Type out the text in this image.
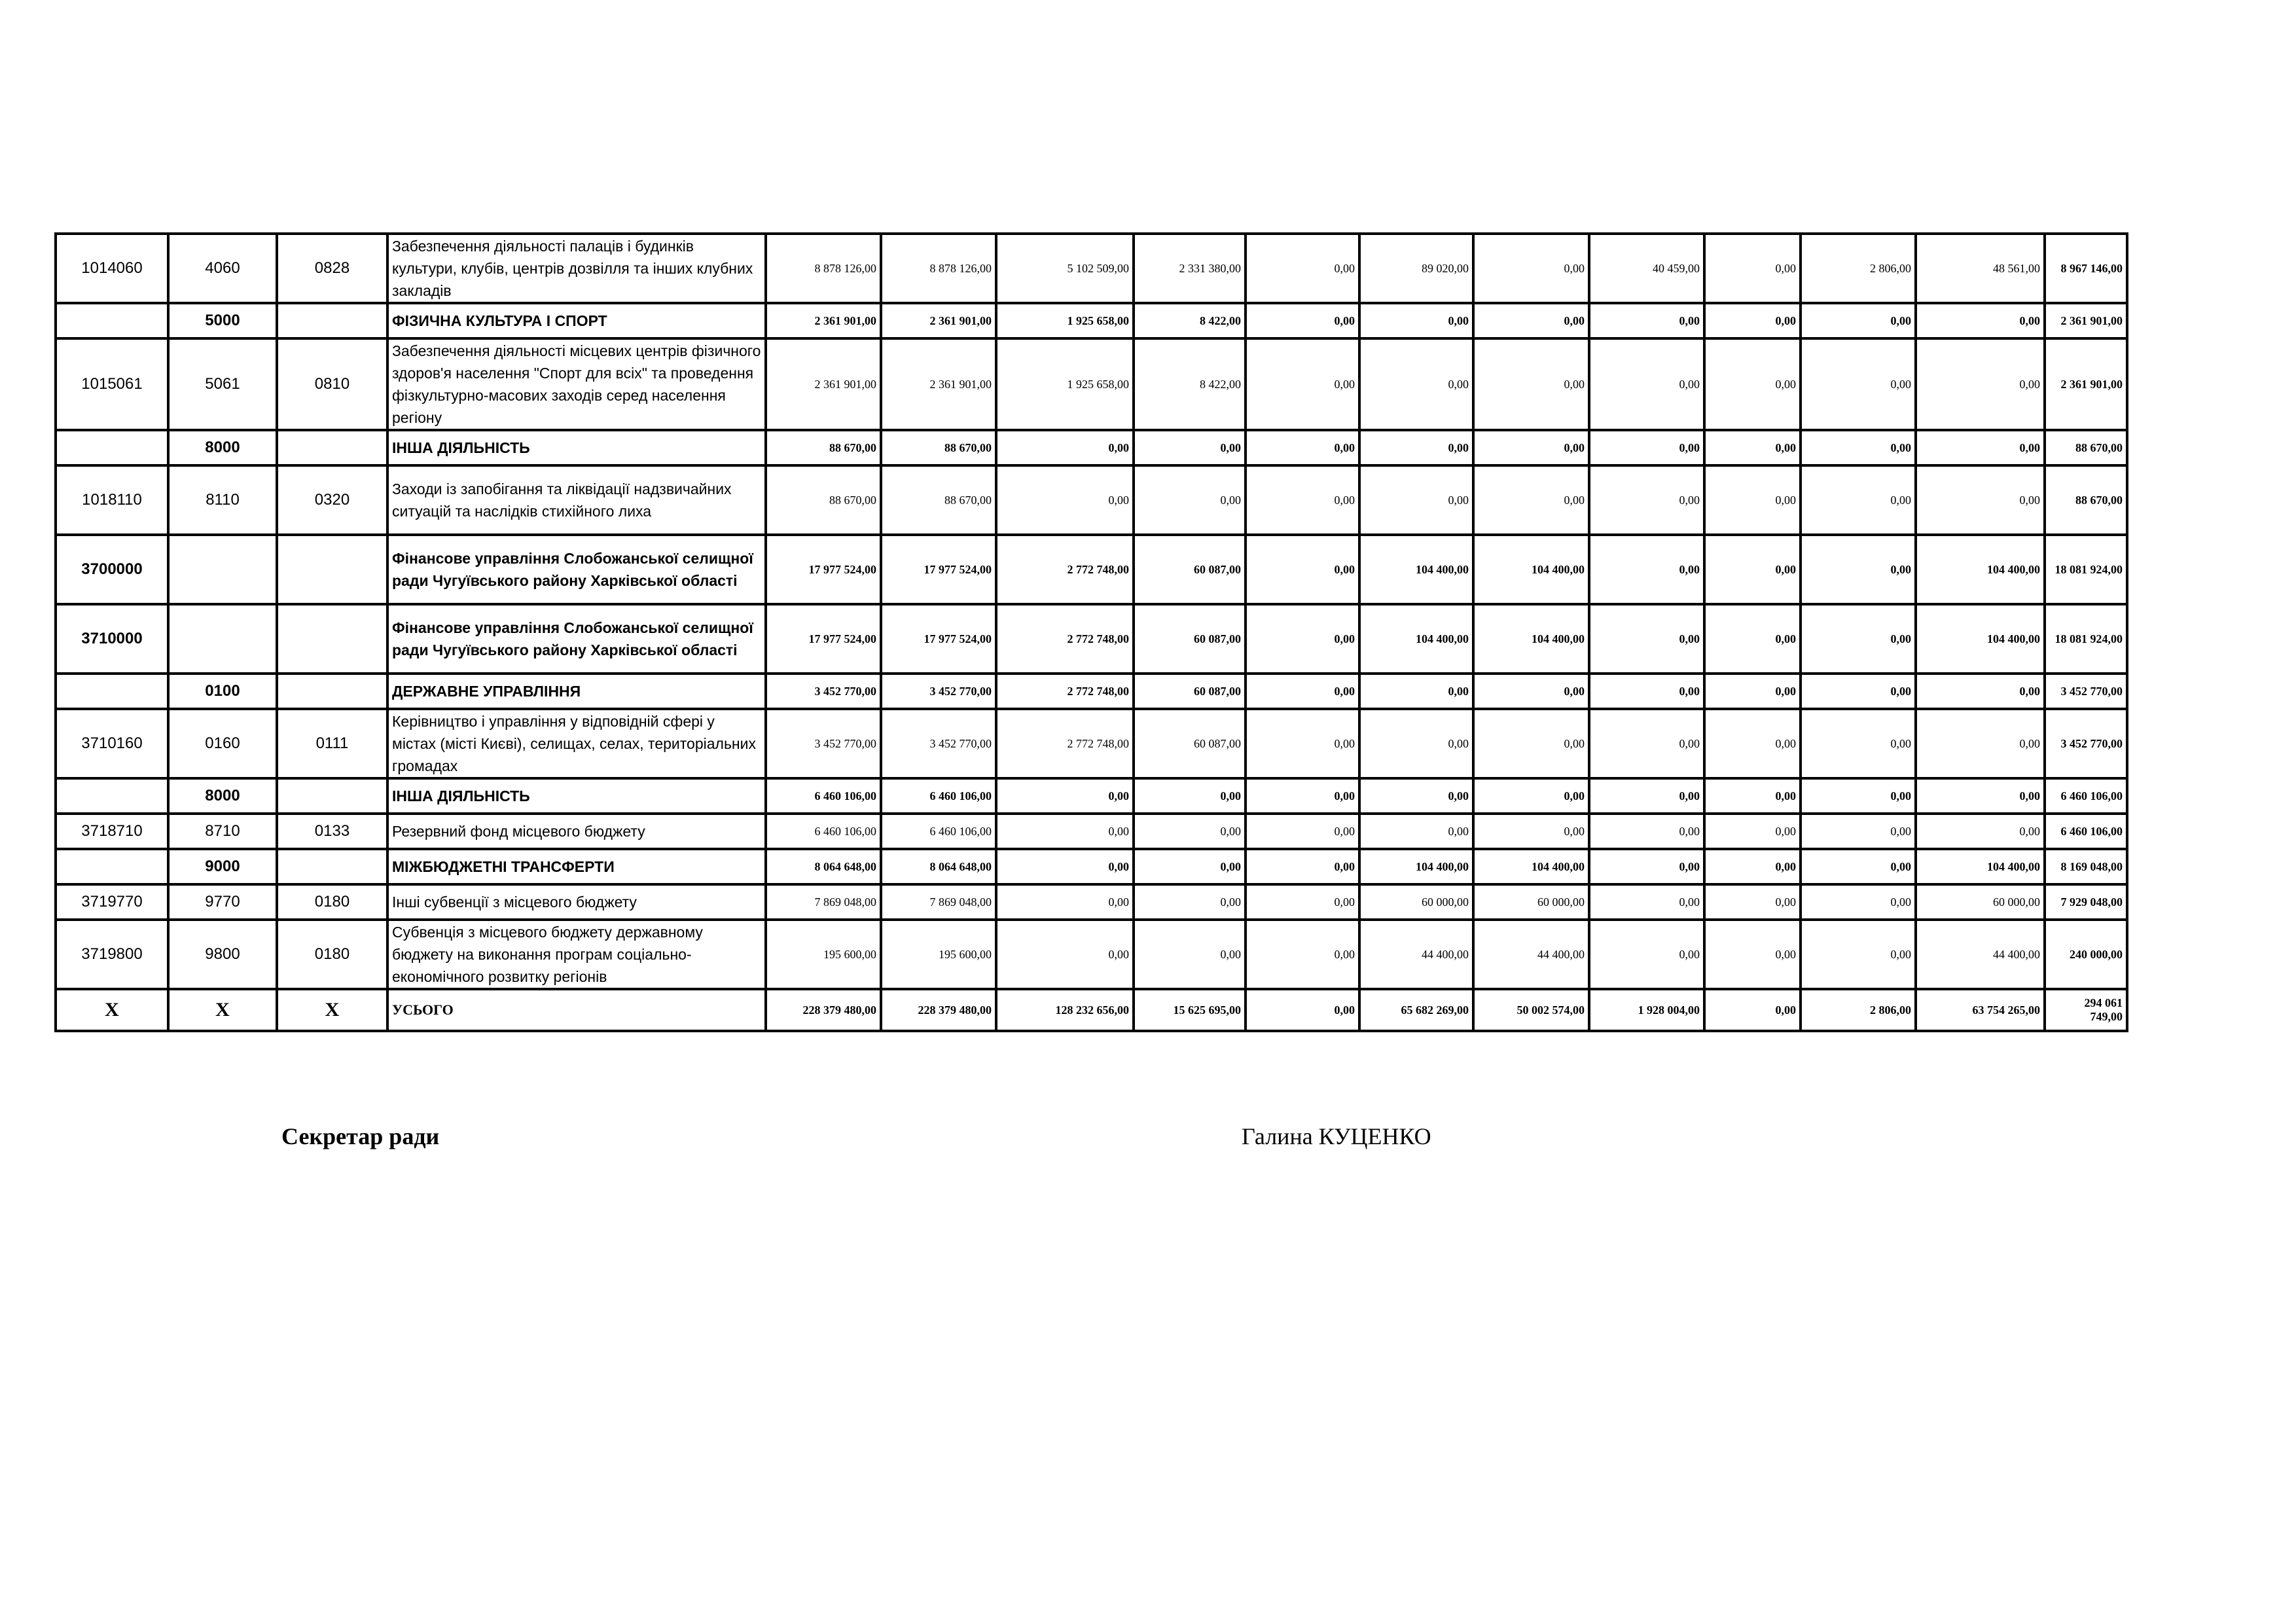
1014060	4060	0828	Забезпечення діяльності палаців і будинків культури, клубів, центрів дозвілля та інших клубних закладів	8 878 126,00	8 878 126,00	5 102 509,00	2 331 380,00	0,00	89 020,00	0,00	40 459,00	0,00	2 806,00	48 561,00	8 967 146,00
	5000		ФІЗИЧНА КУЛЬТУРА І СПОРТ	2 361 901,00	2 361 901,00	1 925 658,00	8 422,00	0,00	0,00	0,00	0,00	0,00	0,00	0,00	2 361 901,00
1015061	5061	0810	Забезпечення діяльності місцевих центрів фізичного здоров'я населення "Спорт для всіх" та проведення фізкультурно-масових заходів серед населення регіону	2 361 901,00	2 361 901,00	1 925 658,00	8 422,00	0,00	0,00	0,00	0,00	0,00	0,00	0,00	2 361 901,00
	8000		ІНША ДІЯЛЬНІСТЬ	88 670,00	88 670,00	0,00	0,00	0,00	0,00	0,00	0,00	0,00	0,00	0,00	88 670,00
1018110	8110	0320	Заходи із запобігання та ліквідації надзвичайних ситуацій та наслідків стихійного лиха	88 670,00	88 670,00	0,00	0,00	0,00	0,00	0,00	0,00	0,00	0,00	0,00	88 670,00
3700000			Фінансове управління Слобожанської селищної ради Чугуївського району Харківської області	17 977 524,00	17 977 524,00	2 772 748,00	60 087,00	0,00	104 400,00	104 400,00	0,00	0,00	0,00	104 400,00	18 081 924,00
3710000			Фінансове управління Слобожанської селищної ради Чугуївського району Харківської області	17 977 524,00	17 977 524,00	2 772 748,00	60 087,00	0,00	104 400,00	104 400,00	0,00	0,00	0,00	104 400,00	18 081 924,00
	0100		ДЕРЖАВНЕ УПРАВЛІННЯ	3 452 770,00	3 452 770,00	2 772 748,00	60 087,00	0,00	0,00	0,00	0,00	0,00	0,00	0,00	3 452 770,00
3710160	0160	0111	Керівництво і управління у відповідній сфері у містах (місті Києві), селищах, селах, територіальних громадах	3 452 770,00	3 452 770,00	2 772 748,00	60 087,00	0,00	0,00	0,00	0,00	0,00	0,00	0,00	3 452 770,00
	8000		ІНША ДІЯЛЬНІСТЬ	6 460 106,00	6 460 106,00	0,00	0,00	0,00	0,00	0,00	0,00	0,00	0,00	0,00	6 460 106,00
3718710	8710	0133	Резервний фонд місцевого бюджету	6 460 106,00	6 460 106,00	0,00	0,00	0,00	0,00	0,00	0,00	0,00	0,00	0,00	6 460 106,00
	9000		МІЖБЮДЖЕТНІ ТРАНСФЕРТИ	8 064 648,00	8 064 648,00	0,00	0,00	0,00	104 400,00	104 400,00	0,00	0,00	0,00	104 400,00	8 169 048,00
3719770	9770	0180	Інші субвенції з місцевого бюджету	7 869 048,00	7 869 048,00	0,00	0,00	0,00	60 000,00	60 000,00	0,00	0,00	0,00	60 000,00	7 929 048,00
3719800	9800	0180	Субвенція з місцевого бюджету державному бюджету на виконання програм соціально-економічного розвитку регіонів	195 600,00	195 600,00	0,00	0,00	0,00	44 400,00	44 400,00	0,00	0,00	0,00	44 400,00	240 000,00
Х	Х	Х	УСЬОГО	228 379 480,00	228 379 480,00	128 232 656,00	15 625 695,00	0,00	65 682 269,00	50 002 574,00	1 928 004,00	0,00	2 806,00	63 754 265,00	294 061 749,00
Секретар ради	Галина КУЦЕНКО
